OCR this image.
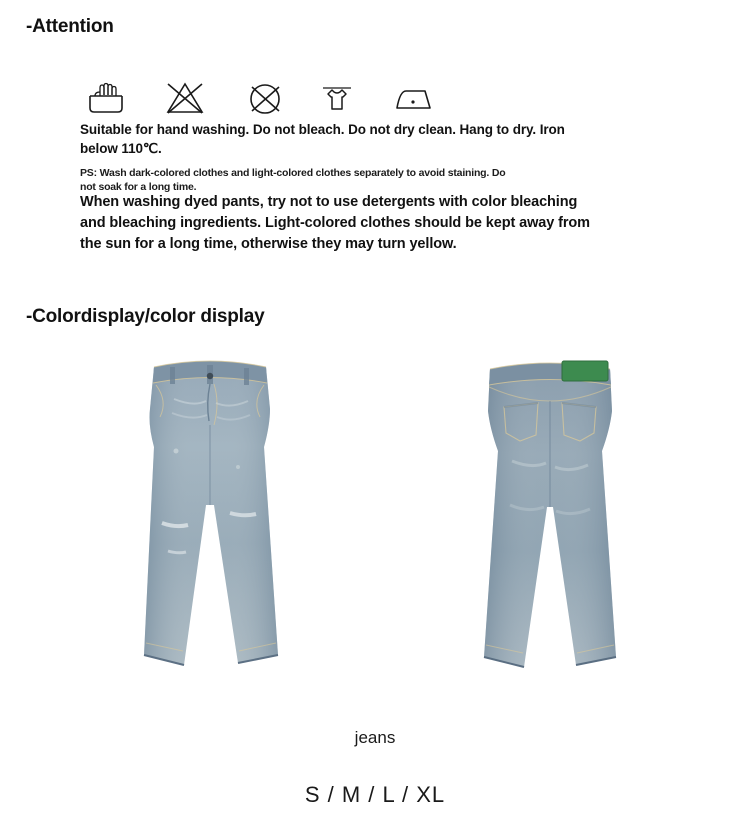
-Attention
Suitable for hand washing. Do not bleach. Do not dry clean. Hang to dry. Iron below 110℃.
PS: Wash dark-colored clothes and light-colored clothes separately to avoid staining. Do not soak for a long time.
When washing dyed pants, try not to use detergents with color bleaching and bleaching ingredients. Light-colored clothes should be kept away from the sun for a long time, otherwise they may turn yellow.
-Colordisplay/color display
jeans
S / M / L / XL
